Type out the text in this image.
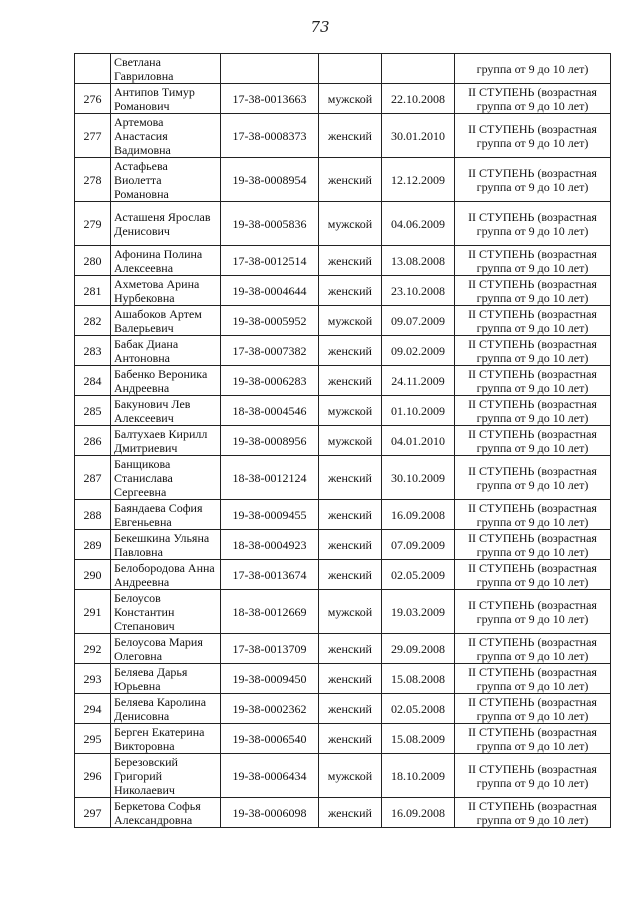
73
	Светлана Гавриловна				группа от 9 до 10 лет)
276	Антипов Тимур Романович	17-38-0013663	мужской	22.10.2008	II СТУПЕНЬ (возрастная группа от 9 до 10 лет)
277	Артемова Анастасия Вадимовна	17-38-0008373	женский	30.01.2010	II СТУПЕНЬ (возрастная группа от 9 до 10 лет)
278	Астафьева Виолетта Романовна	19-38-0008954	женский	12.12.2009	II СТУПЕНЬ (возрастная группа от 9 до 10 лет)
279	Асташеня Ярослав Денисович	19-38-0005836	мужской	04.06.2009	II СТУПЕНЬ (возрастная группа от 9 до 10 лет)
280	Афонина Полина Алексеевна	17-38-0012514	женский	13.08.2008	II СТУПЕНЬ (возрастная группа от 9 до 10 лет)
281	Ахметова Арина Нурбековна	19-38-0004644	женский	23.10.2008	II СТУПЕНЬ (возрастная группа от 9 до 10 лет)
282	Ашабоков Артем Валерьевич	19-38-0005952	мужской	09.07.2009	II СТУПЕНЬ (возрастная группа от 9 до 10 лет)
283	Бабак Диана Антоновна	17-38-0007382	женский	09.02.2009	II СТУПЕНЬ (возрастная группа от 9 до 10 лет)
284	Бабенко Вероника Андреевна	19-38-0006283	женский	24.11.2009	II СТУПЕНЬ (возрастная группа от 9 до 10 лет)
285	Бакунович Лев Алексеевич	18-38-0004546	мужской	01.10.2009	II СТУПЕНЬ (возрастная группа от 9 до 10 лет)
286	Балтухаев Кирилл Дмитриевич	19-38-0008956	мужской	04.01.2010	II СТУПЕНЬ (возрастная группа от 9 до 10 лет)
287	Банщикова Станислава Сергеевна	18-38-0012124	женский	30.10.2009	II СТУПЕНЬ (возрастная группа от 9 до 10 лет)
288	Баяндаева София Евгеньевна	19-38-0009455	женский	16.09.2008	II СТУПЕНЬ (возрастная группа от 9 до 10 лет)
289	Бекешкина Ульяна Павловна	18-38-0004923	женский	07.09.2009	II СТУПЕНЬ (возрастная группа от 9 до 10 лет)
290	Белобородова Анна Андреевна	17-38-0013674	женский	02.05.2009	II СТУПЕНЬ (возрастная группа от 9 до 10 лет)
291	Белоусов Константин Степанович	18-38-0012669	мужской	19.03.2009	II СТУПЕНЬ (возрастная группа от 9 до 10 лет)
292	Белоусова Мария Олеговна	17-38-0013709	женский	29.09.2008	II СТУПЕНЬ (возрастная группа от 9 до 10 лет)
293	Беляева Дарья Юрьевна	19-38-0009450	женский	15.08.2008	II СТУПЕНЬ (возрастная группа от 9 до 10 лет)
294	Беляева Каролина Денисовна	19-38-0002362	женский	02.05.2008	II СТУПЕНЬ (возрастная группа от 9 до 10 лет)
295	Берген Екатерина Викторовна	19-38-0006540	женский	15.08.2009	II СТУПЕНЬ (возрастная группа от 9 до 10 лет)
296	Березовский Григорий Николаевич	19-38-0006434	мужской	18.10.2009	II СТУПЕНЬ (возрастная группа от 9 до 10 лет)
297	Беркетова Софья Александровна	19-38-0006098	женский	16.09.2008	II СТУПЕНЬ (возрастная группа от 9 до 10 лет)
